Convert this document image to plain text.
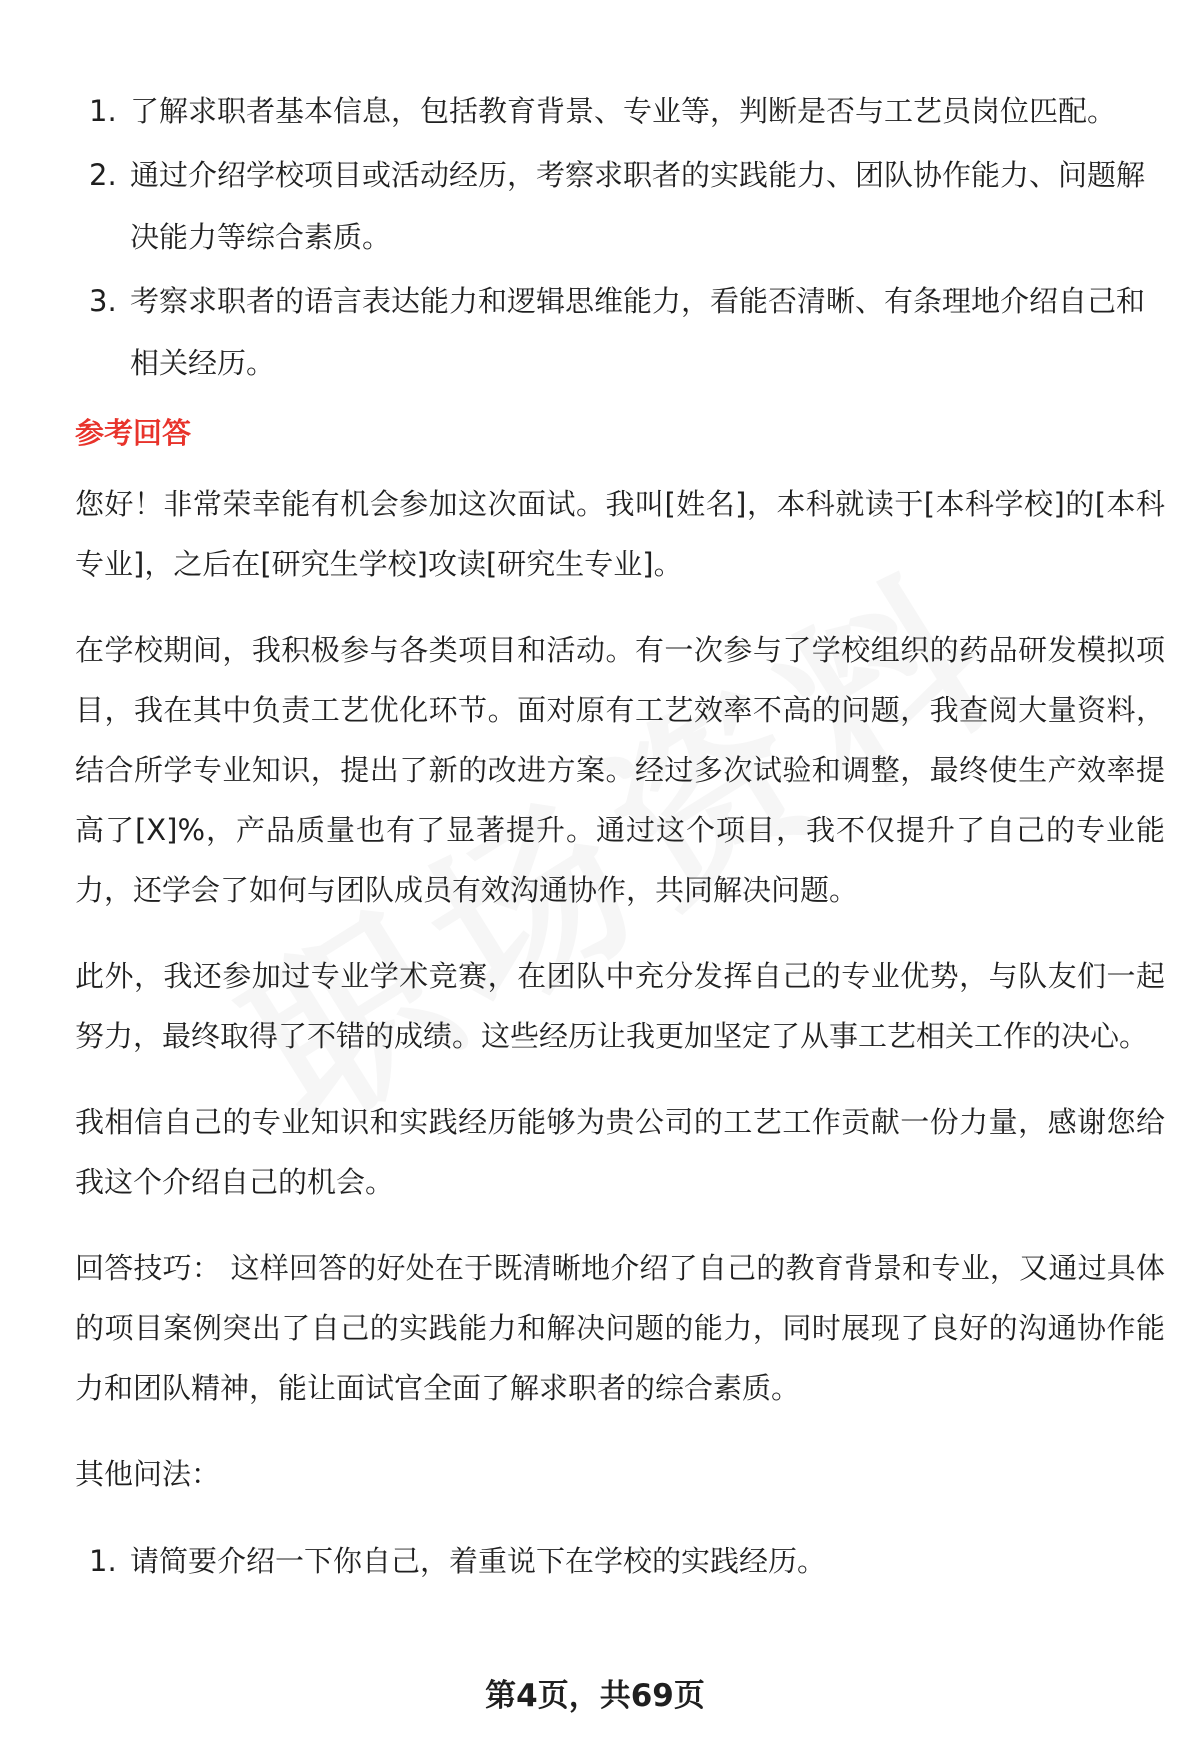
1. 了解求职者基本信息，包括教育背景、专业等，判断是否与工艺员岗位匹配。
2. 通过介绍学校项目或活动经历，考察求职者的实践能力、团队协作能力、问题解决能力等综合素质。
3. 考察求职者的语言表达能力和逻辑思维能力，看能否清晰、有条理地介绍自己和相关经历。
参考回答

您好！非常荣幸能有机会参加这次面试。我叫[姓名]，本科就读于[本科学校]的[本科专业]，之后在[研究生学校]攻读[研究生专业]。

在学校期间，我积极参与各类项目和活动。有一次参与了学校组织的药品研发模拟项目，我在其中负责工艺优化环节。面对原有工艺效率不高的问题，我查阅大量资料，结合所学专业知识，提出了新的改进方案。经过多次试验和调整，最终使生产效率提高了[X]%，产品质量也有了显著提升。通过这个项目，我不仅提升了自己的专业能力，还学会了如何与团队成员有效沟通协作，共同解决问题。

此外，我还参加过专业学术竞赛，在团队中充分发挥自己的专业优势，与队友们一起努力，最终取得了不错的成绩。这些经历让我更加坚定了从事工艺相关工作的决心。

我相信自己的专业知识和实践经历能够为贵公司的工艺工作贡献一份力量，感谢您给我这个介绍自己的机会。

回答技巧： 这样回答的好处在于既清晰地介绍了自己的教育背景和专业，又通过具体的项目案例突出了自己的实践能力和解决问题的能力，同时展现了良好的沟通协作能力和团队精神，能让面试官全面了解求职者的综合素质。

其他问法：

1. 请简要介绍一下你自己，着重说下在学校的实践经历。
第4页，共69页
